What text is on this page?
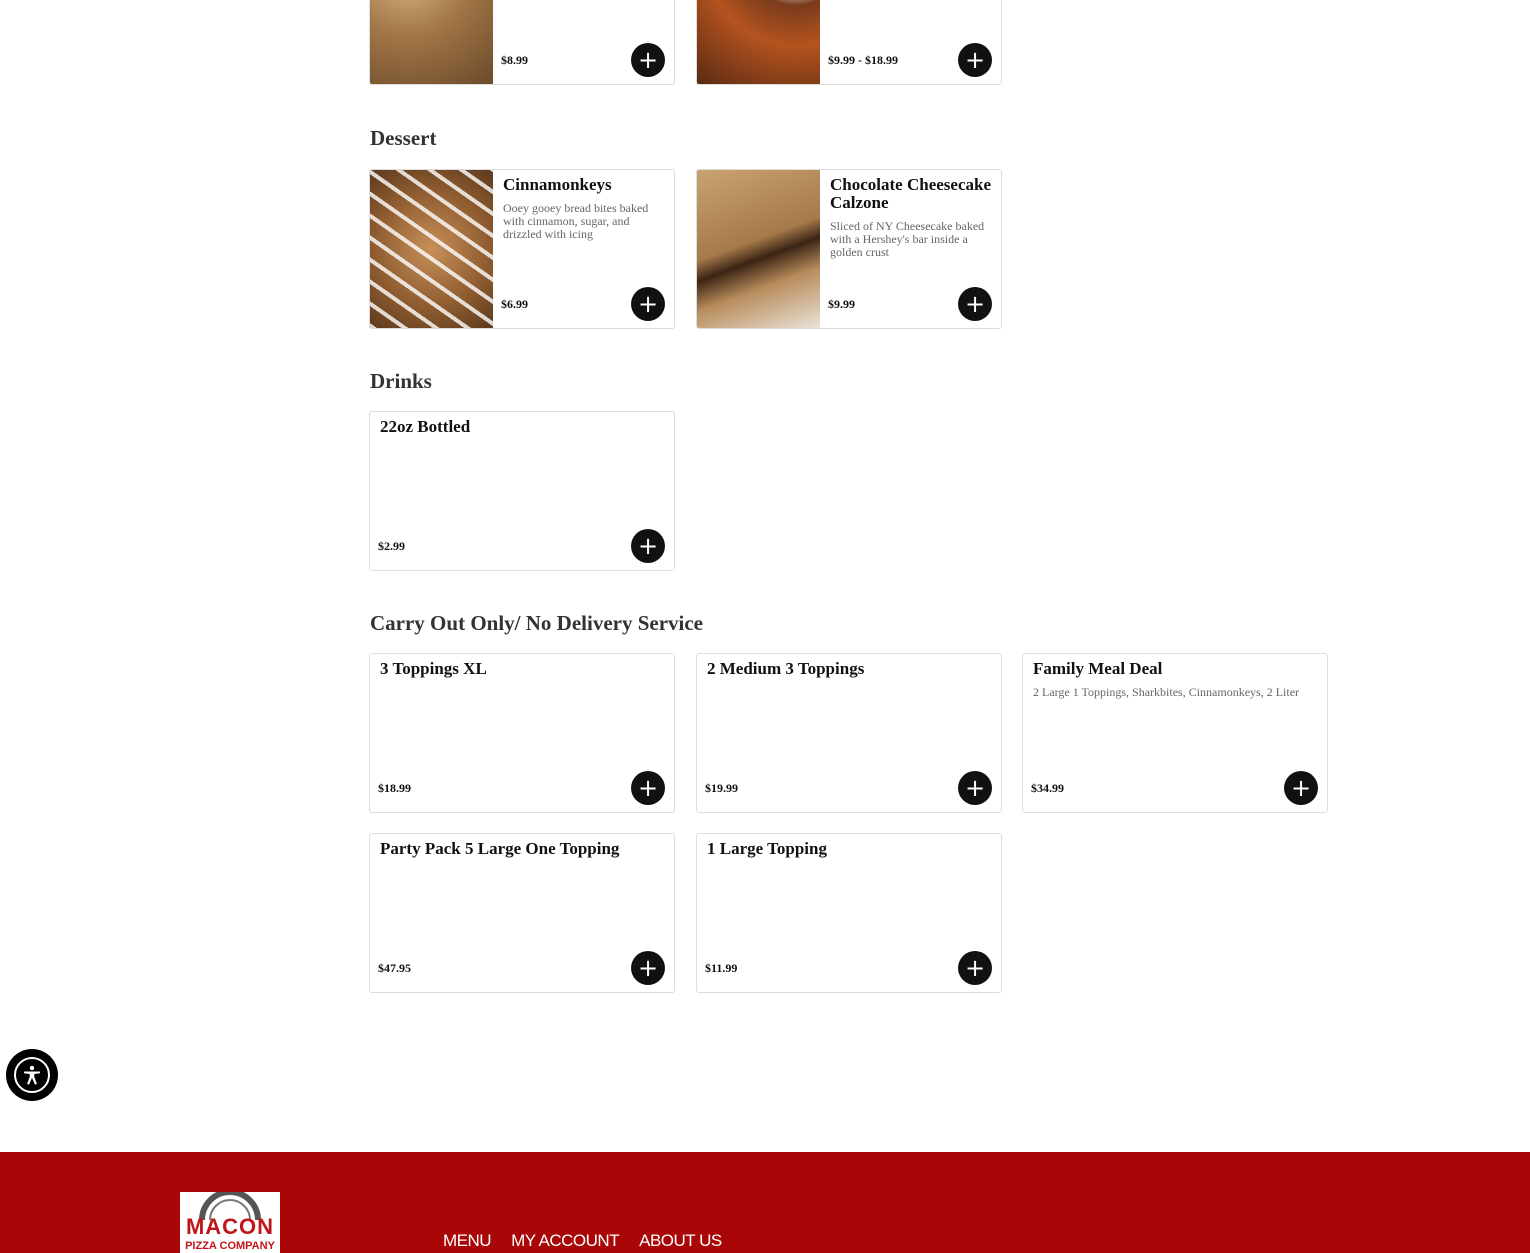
$8.99	+	$9.99 - $18.99	+
Dessert

Cinnamonkeys

Ooey gooey bread bites baked with cinnamon, sugar, and drizzled with icing
$6.99	+

Chocolate Cheesecake Calzone

Sliced of NY Cheesecake baked with a Hershey's bar inside a golden crust
$9.99	+
Drinks

22oz Bottled

$2.99	+
Carry Out Only/ No Delivery Service

3 Toppings XL

$18.99	+

2 Medium 3 Toppings

$19.99	+

Family Meal Deal

2 Large 1 Toppings, Sharkbites, Cinnamonkeys, 2 Liter
$34.99	+

Party Pack 5 Large One Topping

$47.95	+

1 Large Topping

$11.99	+
MACON
PIZZA COMPANY	MENU MY ACCOUNT ABOUT US
